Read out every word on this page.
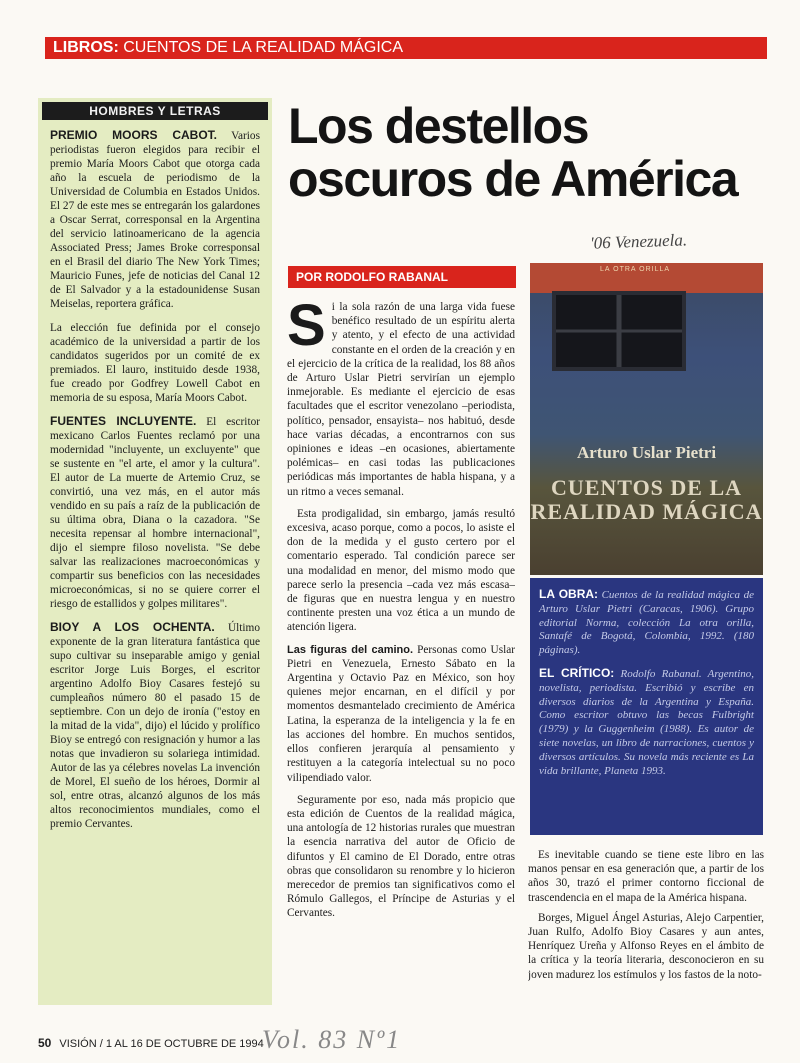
LIBROS: CUENTOS DE LA REALIDAD MÁGICA
HOMBRES Y LETRAS

PREMIO MOORS CABOT. Varios periodistas fueron elegidos para recibir el premio María Moors Cabot que otorga cada año la escuela de periodismo de la Universidad de Columbia en Estados Unidos. El 27 de este mes se entregarán los galardones a Oscar Serrat, corresponsal en la Argentina del servicio latinoamericano de la agencia Associated Press; James Broke corresponsal en el Brasil del diario The New York Times; Mauricio Funes, jefe de noticias del Canal 12 de El Salvador y a la estadounidense Susan Meiselas, reportera gráfica.

La elección fue definida por el consejo académico de la universidad a partir de los candidatos sugeridos por un comité de ex premiados. El lauro, instituido desde 1938, fue creado por Godfrey Lowell Cabot en memoria de su esposa, María Moors Cabot.

FUENTES INCLUYENTE. El escritor mexicano Carlos Fuentes reclamó por una modernidad "incluyente, un excluyente" que se sustente en "el arte, el amor y la cultura". El autor de La muerte de Artemio Cruz, se convirtió, una vez más, en el autor más vendido en su país a raíz de la publicación de su última obra, Diana o la cazadora. "Se necesita repensar al hombre internacional", dijo el siempre filoso novelista. "Se debe salvar las realizaciones macroeconómicas y compartir sus beneficios con las necesidades microeconómicas, si no se quiere correr el riesgo de estallidos y golpes militares".

BIOY A LOS OCHENTA. Último exponente de la gran literatura fantástica que supo cultivar su inseparable amigo y genial escritor Jorge Luis Borges, el escritor argentino Adolfo Bioy Casares festejó su cumpleaños número 80 el pasado 15 de septiembre. Con un dejo de ironía ("estoy en la mitad de la vida", dijo) el lúcido y prolífico Bioy se entregó con resignación y humor a las notas que invadieron su solariega intimidad. Autor de las ya célebres novelas La invención de Morel, El sueño de los héroes, Dormir al sol, entre otras, alcanzó algunos de los más altos reconocimientos mundiales, como el premio Cervantes.

Los destellos oscuros de América
'06 Venezuela.
POR RODOLFO RABANAL

Si la sola razón de una larga vida fuese benéfico resultado de un espíritu alerta y atento, y el efecto de una actividad constante en el orden de la creación y en el ejercicio de la crítica de la realidad, los 88 años de Arturo Uslar Pietri servirían un ejemplo inmejorable. Es mediante el ejercicio de esas facultades que el escritor venezolano –periodista, político, pensador, ensayista– nos habituó, desde hace varias décadas, a encontrarnos con sus opiniones e ideas –en ocasiones, abiertamente polémicas– en casi todas las publicaciones periódicas más importantes de habla hispana, y a un ritmo a veces semanal.

Esta prodigalidad, sin embargo, jamás resultó excesiva, acaso porque, como a pocos, lo asiste el don de la medida y el gusto certero por el comentario esperado. Tal condición parece ser una modalidad en menor, del mismo modo que parece serlo la presencia –cada vez más escasa– de figuras que en nuestra lengua y en nuestro continente presten una voz ética a un mundo de atención ligera.

Las figuras del camino. Personas como Uslar Pietri en Venezuela, Ernesto Sábato en la Argentina y Octavio Paz en México, son hoy quienes mejor encarnan, en el difícil y por momentos desmantelado crecimiento de América Latina, la esperanza de la inteligencia y la fe en las acciones del hombre. En muchos sentidos, ellos confieren jerarquía al pensamiento y restituyen a la categoría intelectual su no poco vilipendiado valor.

Seguramente por eso, nada más propicio que esta edición de Cuentos de la realidad mágica, una antología de 12 historias rurales que muestran la esencia narrativa del autor de Oficio de difuntos y El camino de El Dorado, entre otras obras que consolidaron su renombre y lo hicieron merecedor de premios tan significativos como el Rómulo Gallegos, el Príncipe de Asturias y el Cervantes.

LA OTRA ORILLA
Arturo Uslar Pietri
CUENTOS DE LA REALIDAD MÁGICA

LA OBRA: Cuentos de la realidad mágica de Arturo Uslar Pietri (Caracas, 1906). Grupo editorial Norma, colección La otra orilla, Santafé de Bogotá, Colombia, 1992. (180 páginas).

EL CRÍTICO: Rodolfo Rabanal. Argentino, novelista, periodista. Escribió y escribe en diversos diarios de la Argentina y España. Como escritor obtuvo las becas Fulbright (1979) y la Guggenheim (1988). Es autor de siete novelas, un libro de narraciones, cuentos y diversos artículos. Su novela más reciente es La vida brillante, Planeta 1993.

Es inevitable cuando se tiene este libro en las manos pensar en esa generación que, a partir de los años 30, trazó el primer contorno ficcional de trascendencia en el mapa de la América hispana.

Borges, Miguel Ángel Asturias, Alejo Carpentier, Juan Rulfo, Adolfo Bioy Casares y aun antes, Henríquez Ureña y Alfonso Reyes en el ámbito de la crítica y la teoría literaria, desconocieron en su joven madurez los estímulos y los fastos de la noto-

50 VISIÓN / 1 AL 16 DE OCTUBRE DE 1994
Vol. 83 Nº1
